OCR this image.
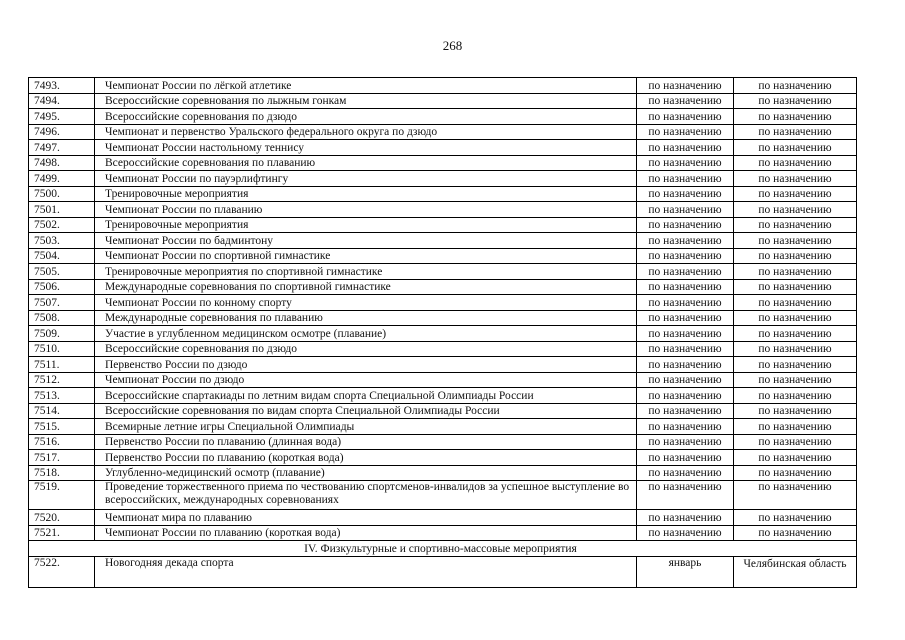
268
7493.	Чемпионат России по лёгкой атлетике	по назначению	по назначению
7494.	Всероссийские соревнования по лыжным гонкам	по назначению	по назначению
7495.	Всероссийские соревнования по дзюдо	по назначению	по назначению
7496.	Чемпионат и первенство Уральского федерального округа по дзюдо	по назначению	по назначению
7497.	Чемпионат России настольному теннису	по назначению	по назначению
7498.	Всероссийские соревнования по плаванию	по назначению	по назначению
7499.	Чемпионат России по пауэрлифтингу	по назначению	по назначению
7500.	Тренировочные мероприятия	по назначению	по назначению
7501.	Чемпионат России по плаванию	по назначению	по назначению
7502.	Тренировочные мероприятия	по назначению	по назначению
7503.	Чемпионат России по бадминтону	по назначению	по назначению
7504.	Чемпионат России по спортивной гимнастике	по назначению	по назначению
7505.	Тренировочные мероприятия по спортивной гимнастике	по назначению	по назначению
7506.	Международные соревнования по спортивной гимнастике	по назначению	по назначению
7507.	Чемпионат России по конному спорту	по назначению	по назначению
7508.	Международные соревнования по плаванию	по назначению	по назначению
7509.	Участие в углубленном медицинском осмотре (плавание)	по назначению	по назначению
7510.	Всероссийские соревнования по дзюдо	по назначению	по назначению
7511.	Первенство России по дзюдо	по назначению	по назначению
7512.	Чемпионат России по дзюдо	по назначению	по назначению
7513.	Всероссийские спартакиады по летним видам спорта Специальной Олимпиады России	по назначению	по назначению
7514.	Всероссийские соревнования по видам спорта Специальной Олимпиады России	по назначению	по назначению
7515.	Всемирные летние игры Специальной Олимпиады	по назначению	по назначению
7516.	Первенство России по плаванию (длинная вода)	по назначению	по назначению
7517.	Первенство России по плаванию (короткая вода)	по назначению	по назначению
7518.	Углубленно-медицинский осмотр (плавание)	по назначению	по назначению
7519.	Проведение торжественного приема по чествованию спортсменов-инвалидов за успешное выступление во всероссийских, международных соревнованиях	по назначению	по назначению
7520.	Чемпионат мира по плаванию	по назначению	по назначению
7521.	Чемпионат России по плаванию (короткая вода)	по назначению	по назначению
IV. Физкультурные и спортивно-массовые мероприятия			
7522.	Новогодняя декада спорта	январь	Челябинская область
